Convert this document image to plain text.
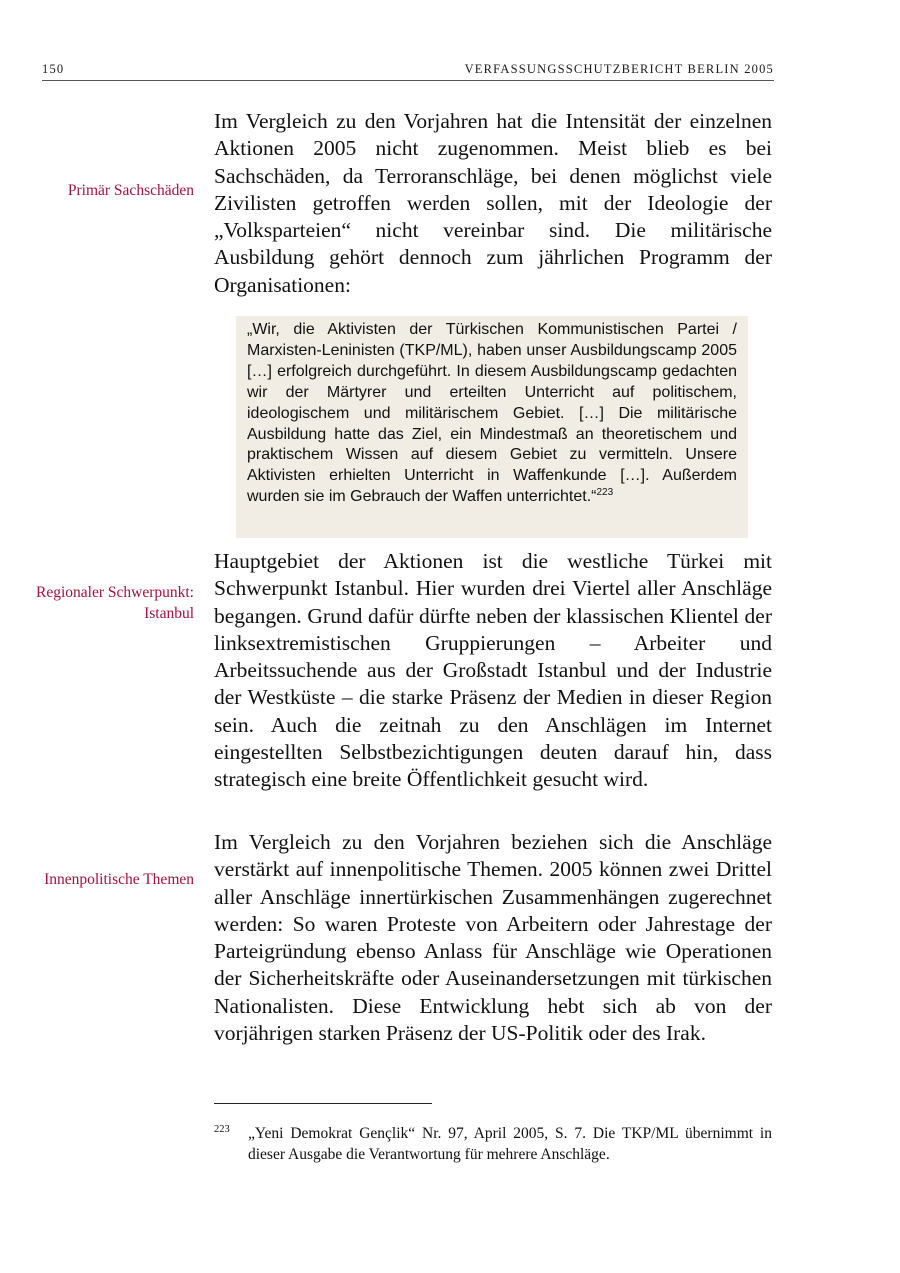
150	VERFASSUNGSSCHUTZBERICHT BERLIN 2005
Primär Sachschäden
Im Vergleich zu den Vorjahren hat die Intensität der einzelnen Aktionen 2005 nicht zugenommen. Meist blieb es bei Sachschäden, da Terroranschläge, bei denen möglichst viele Zivilisten getroffen werden sollen, mit der Ideologie der „Volksparteien“ nicht vereinbar sind. Die militärische Ausbildung gehört dennoch zum jährlichen Programm der Organisationen:
„Wir, die Aktivisten der Türkischen Kommunistischen Partei / Marxisten-Leninisten (TKP/ML), haben unser Ausbildungscamp 2005 […] erfolgreich durchgeführt. In diesem Ausbildungscamp gedachten wir der Märtyrer und erteilten Unterricht auf politischem, ideologischem und militärischem Gebiet. […] Die militärische Ausbildung hatte das Ziel, ein Mindestmaß an theoretischem und praktischem Wissen auf diesem Gebiet zu vermitteln. Unsere Aktivisten erhielten Unterricht in Waffenkunde […]. Außerdem wurden sie im Gebrauch der Waffen unterrichtet.“$^{223}$
Regionaler Schwerpunkt: Istanbul
Hauptgebiet der Aktionen ist die westliche Türkei mit Schwerpunkt Istanbul. Hier wurden drei Viertel aller Anschläge begangen. Grund dafür dürfte neben der klassischen Klientel der linksextremistischen Gruppierungen – Arbeiter und Arbeitssuchende aus der Großstadt Istanbul und der Industrie der Westküste – die starke Präsenz der Medien in dieser Region sein. Auch die zeitnah zu den Anschlägen im Internet eingestellten Selbstbezichtigungen deuten darauf hin, dass strategisch eine breite Öffentlichkeit gesucht wird.
Innenpolitische Themen
Im Vergleich zu den Vorjahren beziehen sich die Anschläge verstärkt auf innenpolitische Themen. 2005 können zwei Drittel aller Anschläge innertürkischen Zusammenhängen zugerechnet werden: So waren Proteste von Arbeitern oder Jahrestage der Parteigründung ebenso Anlass für Anschläge wie Operationen der Sicherheitskräfte oder Auseinandersetzungen mit türkischen Nationalisten. Diese Entwicklung hebt sich ab von der vorjährigen starken Präsenz der US-Politik oder des Irak.
223 „Yeni Demokrat Gençlik“ Nr. 97, April 2005, S. 7. Die TKP/ML übernimmt in dieser Ausgabe die Verantwortung für mehrere Anschläge.
